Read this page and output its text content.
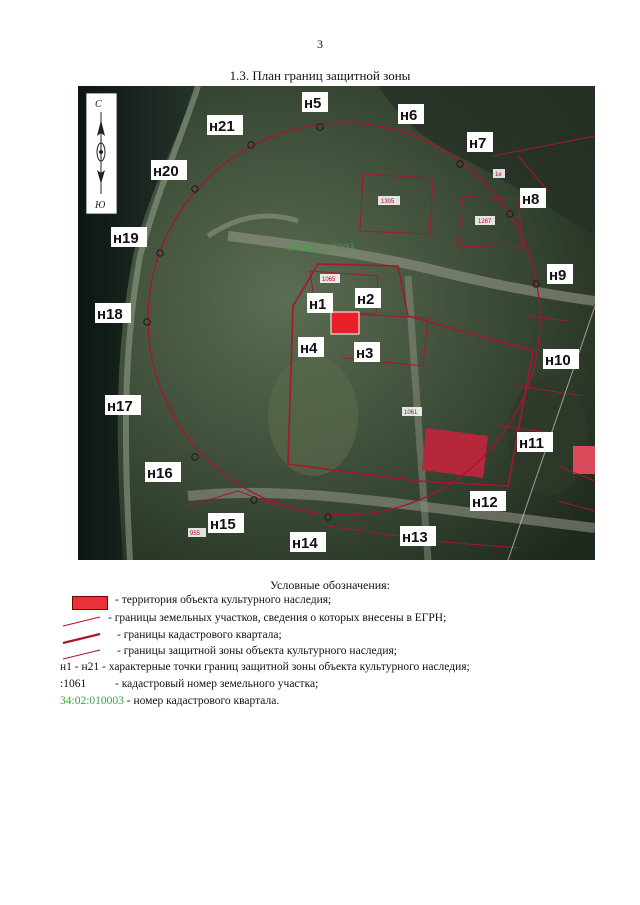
3
1.3. План границ защитной зоны
1305
1267
1e
1065
1061
955
34:02:010003
н1 н2
н3
н4
н5
н6
н7
н8
н9
н10
н11
н12
н13
н14
н15
н16
н17
н18
н19
н20
н21
С
Ю
Условные обозначения:
- территория объекта культурного наследия;
- границы земельных участков, сведения о которых внесены в ЕГРН;
- границы кадастрового квартала;
- границы защитной зоны объекта культурного наследия;
н1 - н21 - характерные точки границ защитной зоны объекта культурного наследия;
:1061	- кадастровый номер земельного участка;
34:02:010003 - номер кадастрового квартала.
